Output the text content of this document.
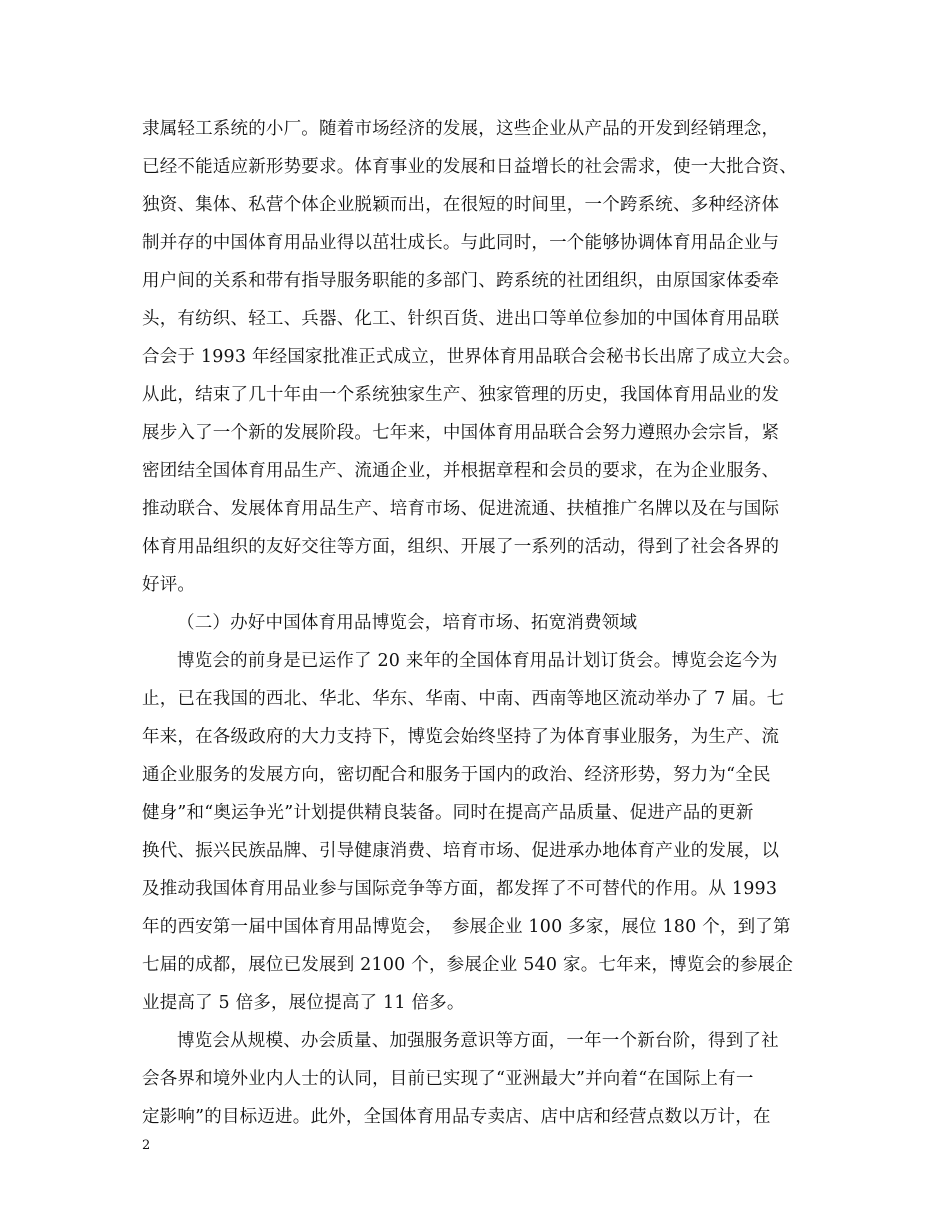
隶属轻工系统的小厂。随着市场经济的发展，这些企业从产品的开发到经销理念，
已经不能适应新形势要求。体育事业的发展和日益增长的社会需求，使一大批合资、
独资、集体、私营个体企业脱颖而出，在很短的时间里，一个跨系统、多种经济体
制并存的中国体育用品业得以茁壮成长。与此同时，一个能够协调体育用品企业与
用户间的关系和带有指导服务职能的多部门、跨系统的社团组织，由原国家体委牵
头，有纺织、轻工、兵器、化工、针织百货、进出口等单位参加的中国体育用品联
合会于 1993 年经国家批准正式成立，世界体育用品联合会秘书长出席了成立大会。
从此，结束了几十年由一个系统独家生产、独家管理的历史，我国体育用品业的发
展步入了一个新的发展阶段。七年来，中国体育用品联合会努力遵照办会宗旨，紧
密团结全国体育用品生产、流通企业，并根据章程和会员的要求，在为企业服务、
推动联合、发展体育用品生产、培育市场、促进流通、扶植推广名牌以及在与国际
体育用品组织的友好交往等方面，组织、开展了一系列的活动，得到了社会各界的
好评。
（二）办好中国体育用品博览会，培育市场、拓宽消费领域
博览会的前身是已运作了 20 来年的全国体育用品计划订货会。博览会迄今为
止，已在我国的西北、华北、华东、华南、中南、西南等地区流动举办了 7 届。七
年来，在各级政府的大力支持下，博览会始终坚持了为体育事业服务，为生产、流
通企业服务的发展方向，密切配合和服务于国内的政治、经济形势，努力为“全民
健身”和“奥运争光”计划提供精良装备。同时在提高产品质量、促进产品的更新
换代、振兴民族品牌、引导健康消费、培育市场、促进承办地体育产业的发展，以
及推动我国体育用品业参与国际竞争等方面，都发挥了不可替代的作用。从 1993
年的西安第一届中国体育用品博览会，　参展企业 100 多家，展位 180 个，到了第
七届的成都，展位已发展到 2100 个，参展企业 540 家。七年来，博览会的参展企
业提高了 5 倍多，展位提高了 11 倍多。
博览会从规模、办会质量、加强服务意识等方面，一年一个新台阶，得到了社
会各界和境外业内人士的认同，目前已实现了“亚洲最大”并向着“在国际上有一
定影响”的目标迈进。此外，全国体育用品专卖店、店中店和经营点数以万计，在
2
